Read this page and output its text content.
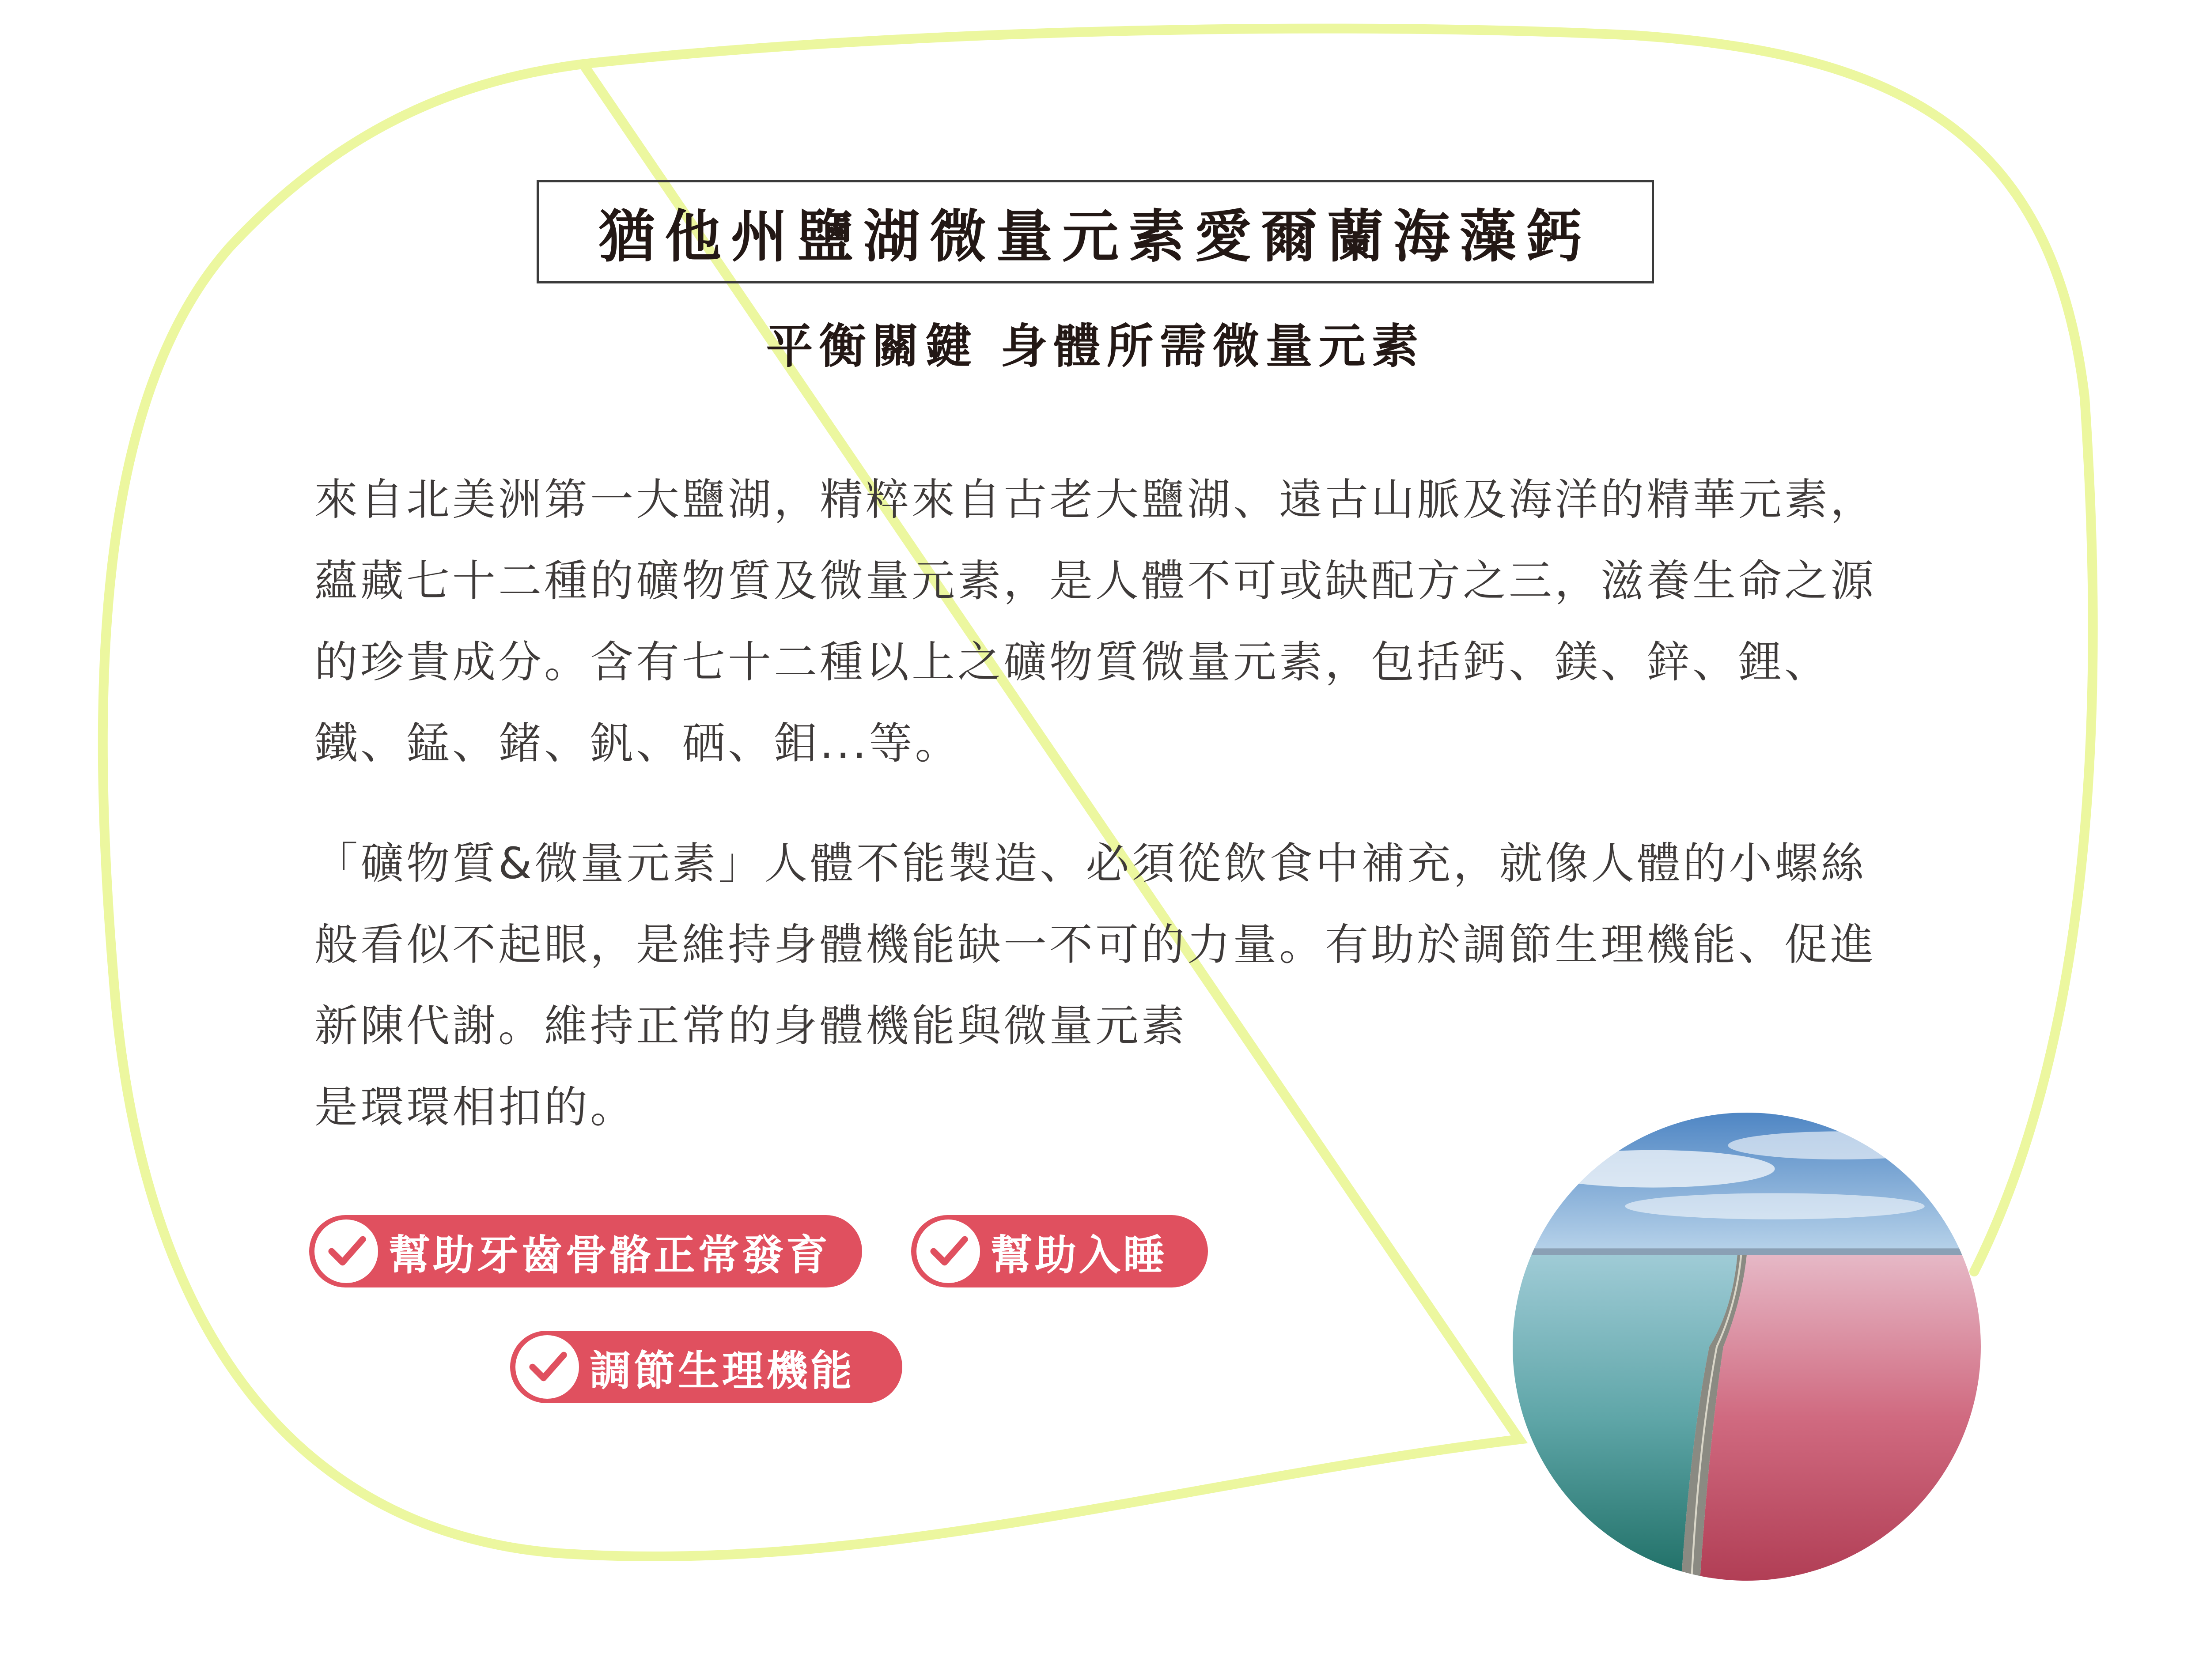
猶他州鹽湖微量元素愛爾蘭海藻鈣
平衡關鍵 身體所需微量元素
來自北美洲第一大鹽湖，精粹來自古老大鹽湖、遠古山脈及海洋的精華元素，蘊藏七十二種的礦物質及微量元素，是人體不可或缺配方之三，滋養生命之源的珍貴成分。含有七十二種以上之礦物質微量元素，包括鈣、鎂、鋅、鋰、鐵、錳、鍺、釩、硒、鉬...等。
「礦物質&微量元素」人體不能製造、必須從飲食中補充，就像人體的小螺絲般看似不起眼，是維持身體機能缺一不可的力量。有助於調節生理機能、促進新陳代謝。維持正常的身體機能與微量元素
是環環相扣的。
幫助牙齒骨骼正常發育	幫助入睡
調節生理機能
